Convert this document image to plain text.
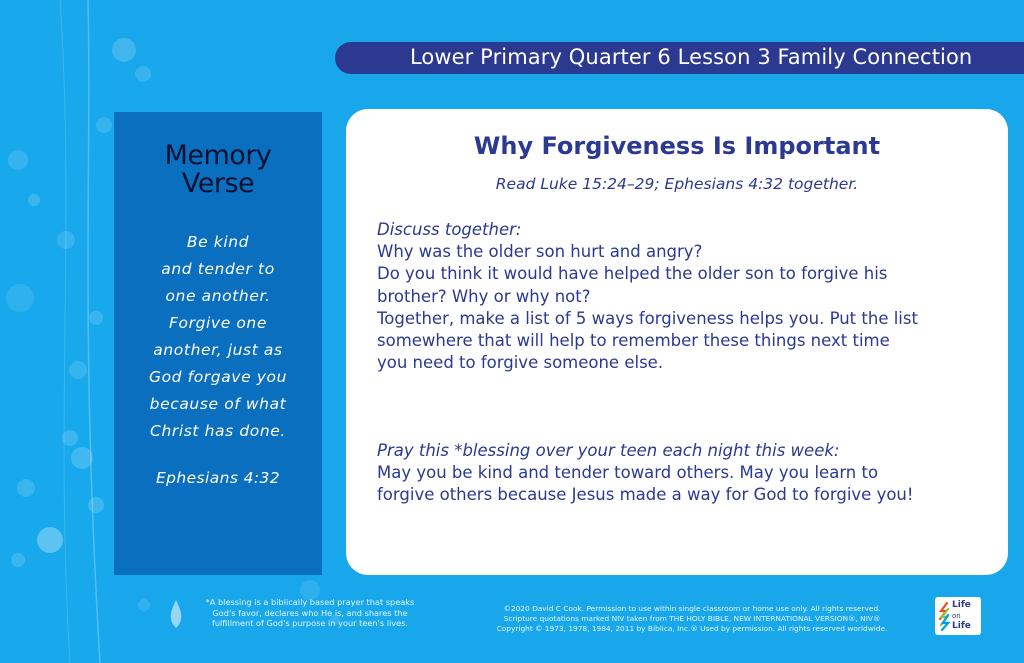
Lower Primary Quarter 6 Lesson 3 Family Connection
Memory
Verse
Be kind
and tender to
one another.
Forgive one
another, just as
God forgave you
because of what
Christ has done.
Ephesians 4:32
Why Forgiveness Is Important
Read Luke 15:24–29; Ephesians 4:32 together.
Discuss together:
Why was the older son hurt and angry?
Do you think it would have helped the older son to forgive his
brother? Why or why not?
Together, make a list of 5 ways forgiveness helps you. Put the list
somewhere that will help to remember these things next time
you need to forgive someone else.
Pray this *blessing over your teen each night this week:
May you be kind and tender toward others. May you learn to
forgive others because Jesus made a way for God to forgive you!
*A blessing is a biblically based prayer that speaks
God's favor, declares who He is, and shares the
fulfillment of God's purpose in your teen's lives.
©2020 David C Cook. Permission to use within single classroom or home use only. All rights reserved.
Scripture quotations marked NIV taken from THE HOLY BIBLE, NEW INTERNATIONAL VERSION®, NIV®
Copyright © 1973, 1978, 1984, 2011 by Biblica, Inc.® Used by permission. All rights reserved worldwide.
Life
on
Life
